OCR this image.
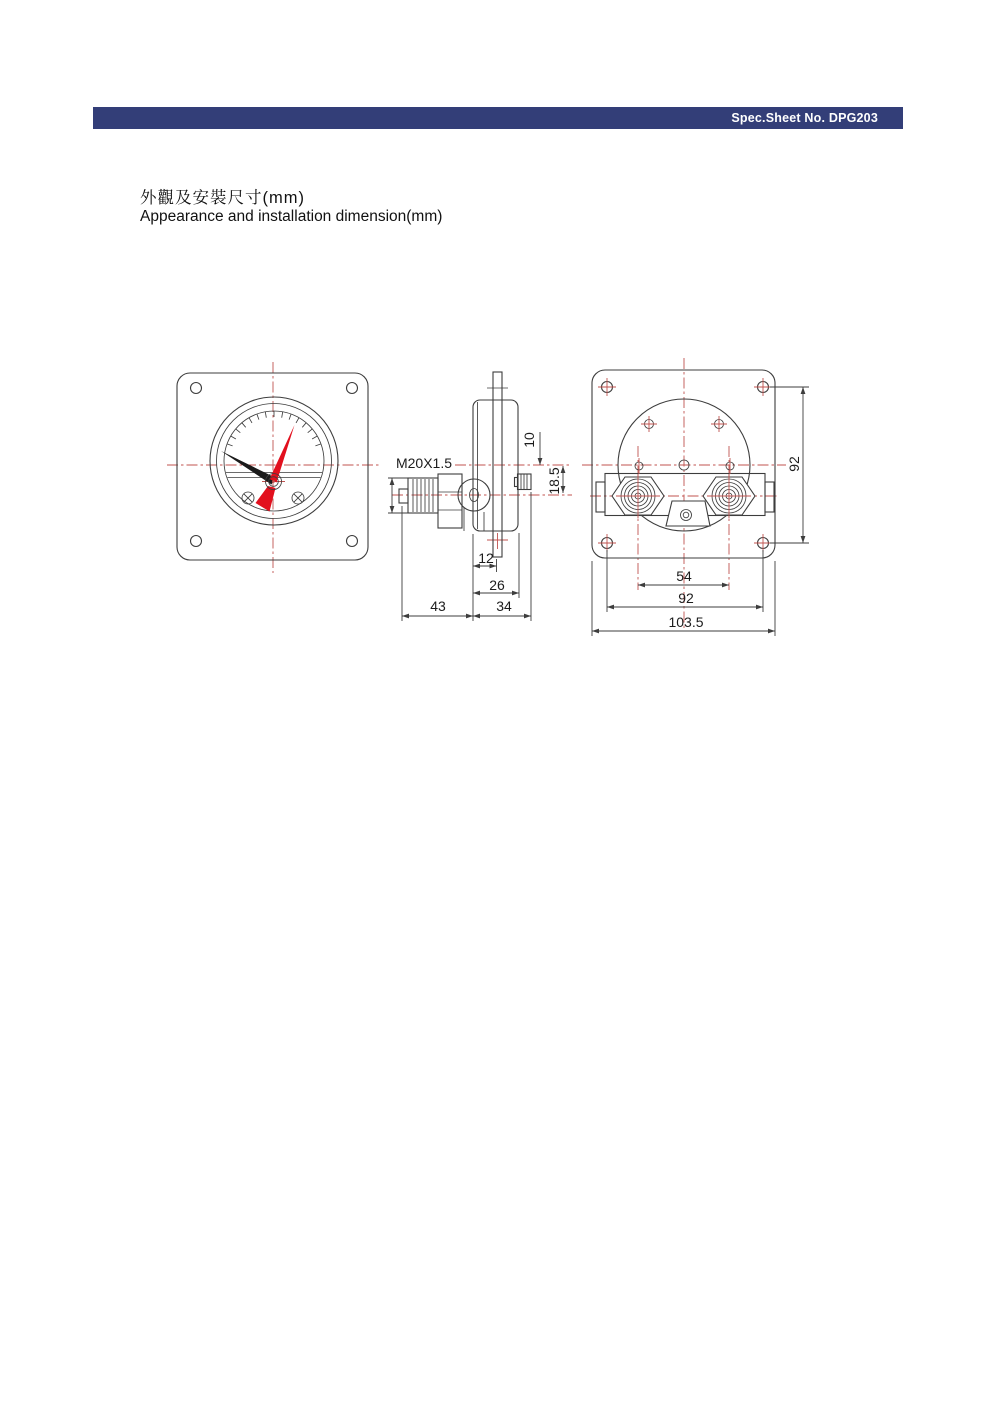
Spec.Sheet No. DPG203
外觀及安裝尺寸(mm)
Appearance and installation dimension(mm)
M20X1.5
10
18.5
12
26
43	34
92
54
92
103.5
